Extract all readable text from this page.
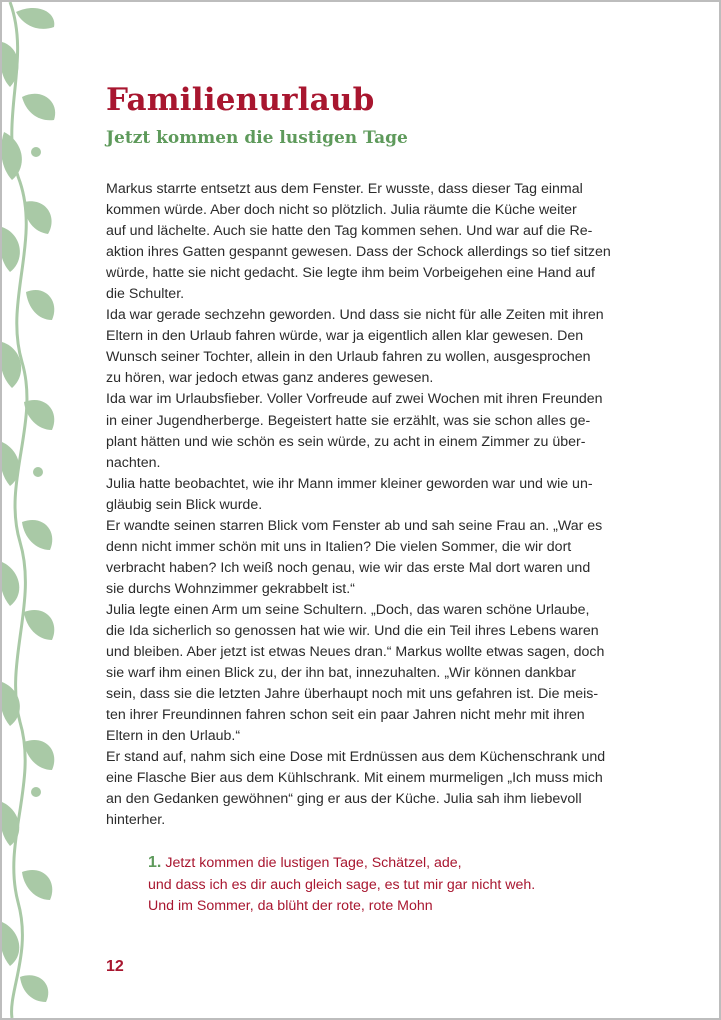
Familienurlaub
Jetzt kommen die lustigen Tage
Markus starrte entsetzt aus dem Fenster. Er wusste, dass dieser Tag einmal
kommen würde. Aber doch nicht so plötzlich. Julia räumte die Küche weiter
auf und lächelte. Auch sie hatte den Tag kommen sehen. Und war auf die Re-
aktion ihres Gatten gespannt gewesen. Dass der Schock allerdings so tief sitzen
würde, hatte sie nicht gedacht. Sie legte ihm beim Vorbeigehen eine Hand auf
die Schulter.
Ida war gerade sechzehn geworden. Und dass sie nicht für alle Zeiten mit ihren
Eltern in den Urlaub fahren würde, war ja eigentlich allen klar gewesen. Den
Wunsch seiner Tochter, allein in den Urlaub fahren zu wollen, ausgesprochen
zu hören, war jedoch etwas ganz anderes gewesen.
Ida war im Urlaubsfieber. Voller Vorfreude auf zwei Wochen mit ihren Freunden
in einer Jugendherberge. Begeistert hatte sie erzählt, was sie schon alles ge-
plant hätten und wie schön es sein würde, zu acht in einem Zimmer zu über-
nachten.
Julia hatte beobachtet, wie ihr Mann immer kleiner geworden war und wie un-
gläubig sein Blick wurde.
Er wandte seinen starren Blick vom Fenster ab und sah seine Frau an. „War es
denn nicht immer schön mit uns in Italien? Die vielen Sommer, die wir dort
verbracht haben? Ich weiß noch genau, wie wir das erste Mal dort waren und
sie durchs Wohnzimmer gekrabbelt ist.“
Julia legte einen Arm um seine Schultern. „Doch, das waren schöne Urlaube,
die Ida sicherlich so genossen hat wie wir. Und die ein Teil ihres Lebens waren
und bleiben. Aber jetzt ist etwas Neues dran.“ Markus wollte etwas sagen, doch
sie warf ihm einen Blick zu, der ihn bat, innezuhalten. „Wir können dankbar
sein, dass sie die letzten Jahre überhaupt noch mit uns gefahren ist. Die meis-
ten ihrer Freundinnen fahren schon seit ein paar Jahren nicht mehr mit ihren
Eltern in den Urlaub.“
Er stand auf, nahm sich eine Dose mit Erdnüssen aus dem Küchenschrank und
eine Flasche Bier aus dem Kühlschrank. Mit einem murmeligen „Ich muss mich
an den Gedanken gewöhnen“ ging er aus der Küche. Julia sah ihm liebevoll
hinterher.
1. Jetzt kommen die lustigen Tage, Schätzel, ade,
und dass ich es dir auch gleich sage, es tut mir gar nicht weh.
Und im Sommer, da blüht der rote, rote Mohn
12
